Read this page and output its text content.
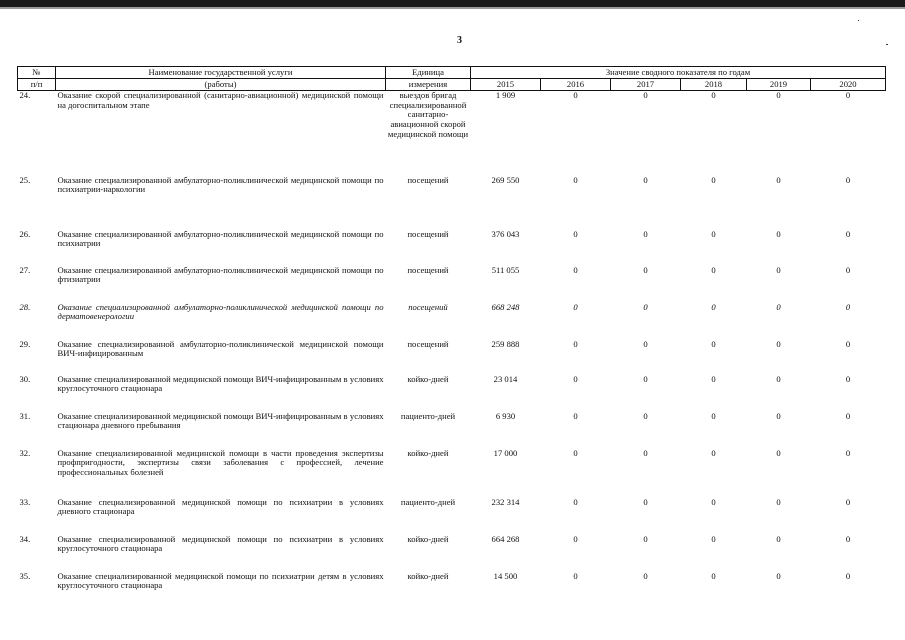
3
№	Наименование государственной услуги	Единица	Значение сводного показателя по годам					
п/п	(работы)	измерения	2015	2016	2017	2018	2019	2020
24.	Оказание скорой специализированной (санитарно-авиационной) медицинской помощи на догоспитальном этапе	выездов бригад специализированной санитарно-авиационной скорой медицинской помощи	1 909	0	0	0	0	0
25.	Оказание специализированной амбулаторно-поликлинической медицинской помощи по психиатрии-наркологии	посещений	269 550	0	0	0	0	0
26.	Оказание специализированной амбулаторно-поликлинической медицинской помощи по психиатрии	посещений	376 043	0	0	0	0	0
27.	Оказание специализированной амбулаторно-поликлинической медицинской помощи по фтизиатрии	посещений	511 055	0	0	0	0	0
28.	Оказание специализированной амбулаторно-поликлинической медицинской помощи по дерматовенерологии	посещений	668 248	0	0	0	0	0
29.	Оказание специализированной амбулаторно-поликлинической медицинской помощи ВИЧ-инфицированным	посещений	259 888	0	0	0	0	0
30.	Оказание специализированной медицинской помощи ВИЧ-инфицированным в условиях круглосуточного стационара	койко-дней	23 014	0	0	0	0	0
31.	Оказание специализированной медицинской помощи ВИЧ-инфицированным в условиях стационара дневного пребывания	пациенто-дней	6 930	0	0	0	0	0
32.	Оказание специализированной медицинской помощи в части проведения экспертизы профпригодности, экспертизы связи заболевания с профессией, лечение профессиональных болезней	койко-дней	17 000	0	0	0	0	0
33.	Оказание специализированной медицинской помощи по психиатрии в условиях дневного стационара	пациенто-дней	232 314	0	0	0	0	0
34.	Оказание специализированной медицинской помощи по психиатрии в условиях круглосуточного стационара	койко-дней	664 268	0	0	0	0	0
35.	Оказание специализированной медицинской помощи по психиатрии детям в условиях круглосуточного стационара	койко-дней	14 500	0	0	0	0	0
